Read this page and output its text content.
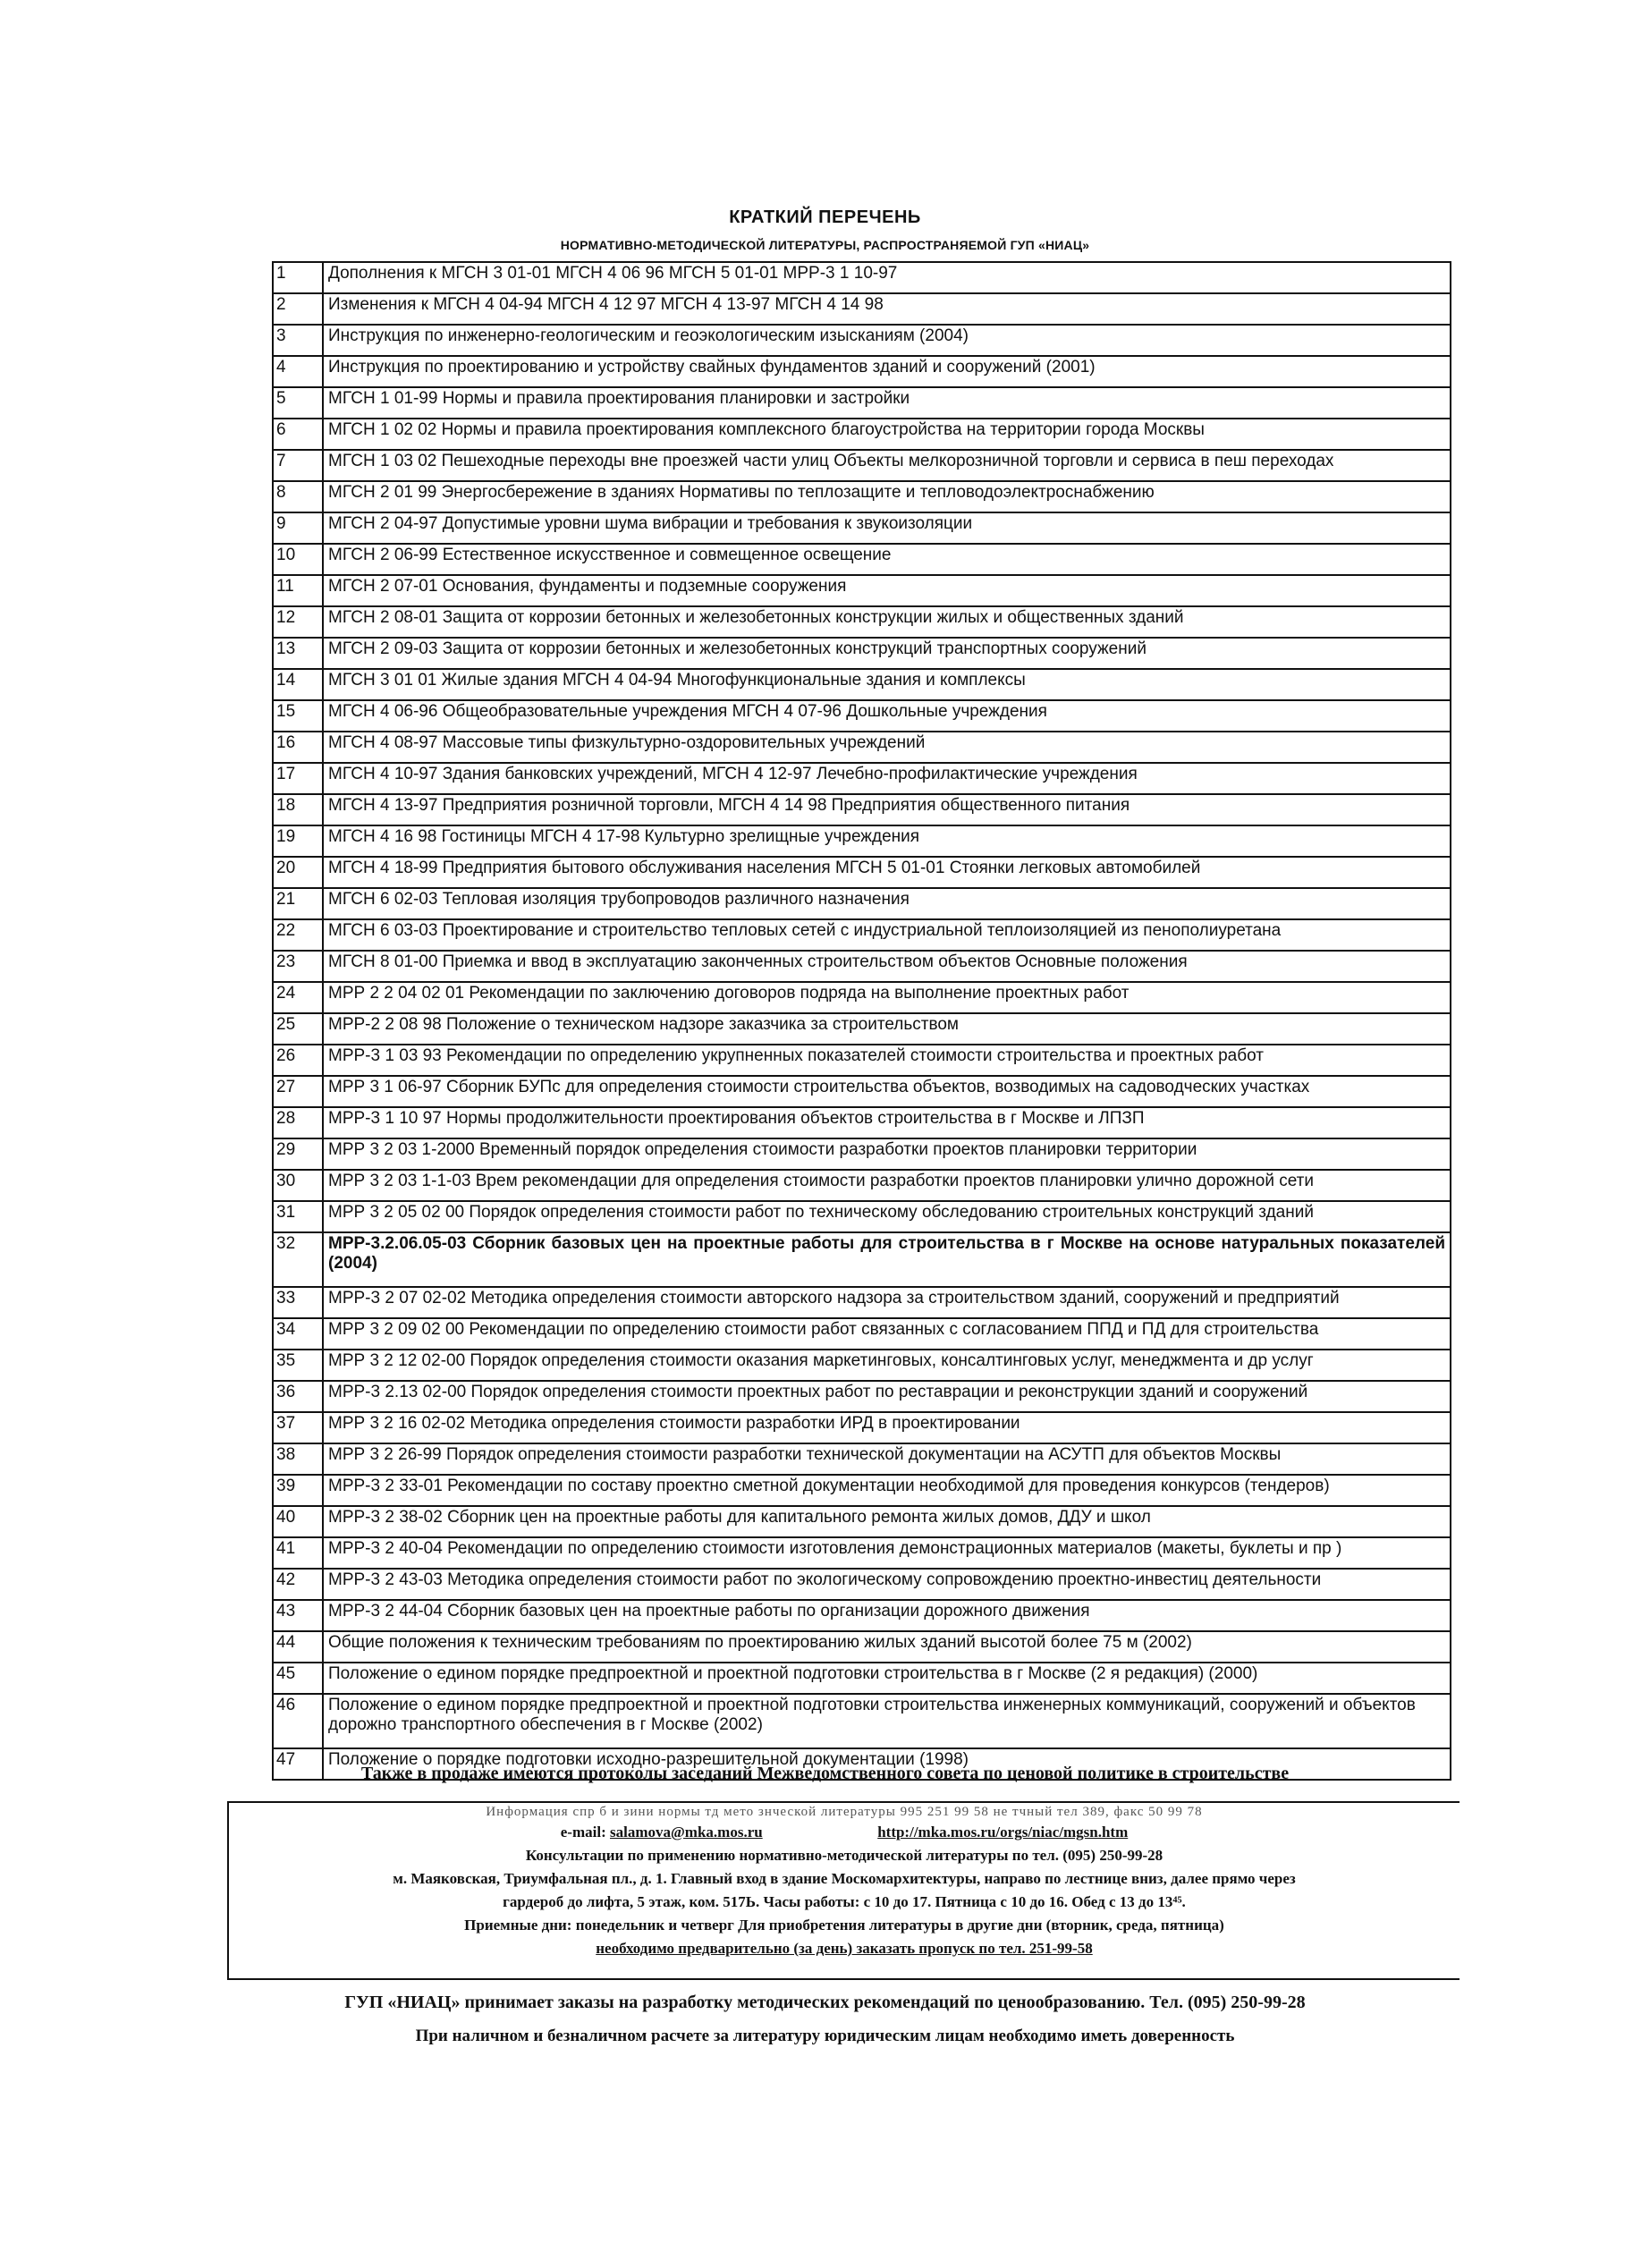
КРАТКИЙ ПЕРЕЧЕНЬ
НОРМАТИВНО-МЕТОДИЧЕСКОЙ ЛИТЕРАТУРЫ, РАСПРОСТРАНЯЕМОЙ ГУП «НИАЦ»
1	Дополнения к МГСН 3 01-01 МГСН 4 06 96 МГСН 5 01-01 МРР-3 1 10-97
2	Изменения к МГСН 4 04-94 МГСН 4 12 97 МГСН 4 13-97 МГСН 4 14 98
3	Инструкция по инженерно-геологическим и геоэкологическим изысканиям (2004)
4	Инструкция по проектированию и устройству свайных фундаментов зданий и сооружений (2001)
5	МГСН 1 01-99 Нормы и правила проектирования планировки и застройки
6	МГСН 1 02 02 Нормы и правила проектирования комплексного благоустройства на территории города Москвы
7	МГСН 1 03 02 Пешеходные переходы вне проезжей части улиц Объекты мелкорозничной торговли и сервиса в пеш переходах
8	МГСН 2 01 99 Энергосбережение в зданиях Нормативы по теплозащите и тепловодоэлектроснабжению
9	МГСН 2 04-97 Допустимые уровни шума вибрации и требования к звукоизоляции
10	МГСН 2 06-99 Естественное искусственное и совмещенное освещение
11	МГСН 2 07-01 Основания, фундаменты и подземные сооружения
12	МГСН 2 08-01 Защита от коррозии бетонных и железобетонных конструкции жилых и общественных зданий
13	МГСН 2 09-03 Защита от коррозии бетонных и железобетонных конструкций транспортных сооружений
14	МГСН 3 01 01 Жилые здания МГСН 4 04-94 Многофункциональные здания и комплексы
15	МГСН 4 06-96 Общеобразовательные учреждения МГСН 4 07-96 Дошкольные учреждения
16	МГСН 4 08-97 Массовые типы физкультурно-оздоровительных учреждений
17	МГСН 4 10-97 Здания банковских учреждений, МГСН 4 12-97 Лечебно-профилактические учреждения
18	МГСН 4 13-97 Предприятия розничной торговли, МГСН 4 14 98 Предприятия общественного питания
19	МГСН 4 16 98 Гостиницы МГСН 4 17-98 Культурно зрелищные учреждения
20	МГСН 4 18-99 Предприятия бытового обслуживания населения МГСН 5 01-01 Стоянки легковых автомобилей
21	МГСН 6 02-03 Тепловая изоляция трубопроводов различного назначения
22	МГСН 6 03-03 Проектирование и строительство тепловых сетей с индустриальной теплоизоляцией из пенополиуретана
23	МГСН 8 01-00 Приемка и ввод в эксплуатацию законченных строительством объектов Основные положения
24	МРР 2 2 04 02 01 Рекомендации по заключению договоров подряда на выполнение проектных работ
25	МРР-2 2 08 98 Положение о техническом надзоре заказчика за строительством
26	МРР-3 1 03 93 Рекомендации по определению укрупненных показателей стоимости строительства и проектных работ
27	МРР 3 1 06-97 Сборник БУПс для определения стоимости строительства объектов, возводимых на садоводческих участках
28	МРР-3 1 10 97 Нормы продолжительности проектирования объектов строительства в г Москве и ЛПЗП
29	МРР 3 2 03 1-2000 Временный порядок определения стоимости разработки проектов планировки территории
30	МРР 3 2 03 1-1-03 Врем рекомендации для определения стоимости разработки проектов планировки улично дорожной сети
31	МРР 3 2 05 02 00 Порядок определения стоимости работ по техническому обследованию строительных конструкций зданий
32	МРР-3.2.06.05-03 Сборник базовых цен на проектные работы для строительства в г Москве на основе натуральных показателей (2004)
33	МРР-3 2 07 02-02 Методика определения стоимости авторского надзора за строительством зданий, сооружений и предприятий
34	МРР 3 2 09 02 00 Рекомендации по определению стоимости работ связанных с согласованием ППД и ПД для строительства
35	МРР 3 2 12 02-00 Порядок определения стоимости оказания маркетинговых, консалтинговых услуг, менеджмента и др услуг
36	МРР-3 2.13 02-00 Порядок определения стоимости проектных работ по реставрации и реконструкции зданий и сооружений
37	МРР 3 2 16 02-02 Методика определения стоимости разработки ИРД в проектировании
38	МРР 3 2 26-99 Порядок определения стоимости разработки технической документации на АСУТП для объектов Москвы
39	МРР-3 2 33-01 Рекомендации по составу проектно сметной документации необходимой для проведения конкурсов (тендеров)
40	МРР-3 2 38-02 Сборник цен на проектные работы для капитального ремонта жилых домов, ДДУ и школ
41	МРР-3 2 40-04 Рекомендации по определению стоимости изготовления демонстрационных материалов (макеты, буклеты и пр )
42	МРР-3 2 43-03 Методика определения стоимости работ по экологическому сопровождению проектно-инвестиц деятельности
43	МРР-3 2 44-04 Сборник базовых цен на проектные работы по организации дорожного движения
44	Общие положения к техническим требованиям по проектированию жилых зданий высотой более 75 м (2002)
45	Положение о едином порядке предпроектной и проектной подготовки строительства в г Москве (2 я редакция) (2000)
46	Положение о едином порядке предпроектной и проектной подготовки строительства инженерных коммуникаций, сооружений и объектов дорожно транспортного обеспечения в г Москве (2002)
47	Положение о порядке подготовки исходно-разрешительной документации (1998)
Также в продаже имеются протоколы заседаний Межведомственного совета по ценовой политике в строительстве
Информация спр б и зини нормы тд мето знческой литературы 995 251 99 58 не тчный тел 389, факс 50 99 78
e-mail: salamova@mka.mos.ru	http://mka.mos.ru/orgs/niac/mgsn.htm
Консультации по применению нормативно-методической литературы по тел. (095) 250-99-28
м. Маяковская, Триумфальная пл., д. 1. Главный вход в здание Москомархитектуры, направо по лестнице вниз, далее прямо через
гардероб до лифта, 5 этаж, ком. 517Ь. Часы работы: с 10 до 17. Пятница с 10 до 16. Обед с 13 до 13⁴⁵.
Приемные дни: понедельник и четверг Для приобретения литературы в другие дни (вторник, среда, пятница)
необходимо предварительно (за день) заказать пропуск по тел. 251-99-58
ГУП «НИАЦ» принимает заказы на разработку методических рекомендаций по ценообразованию. Тел. (095) 250-99-28
При наличном и безналичном расчете за литературу юридическим лицам необходимо иметь доверенность
